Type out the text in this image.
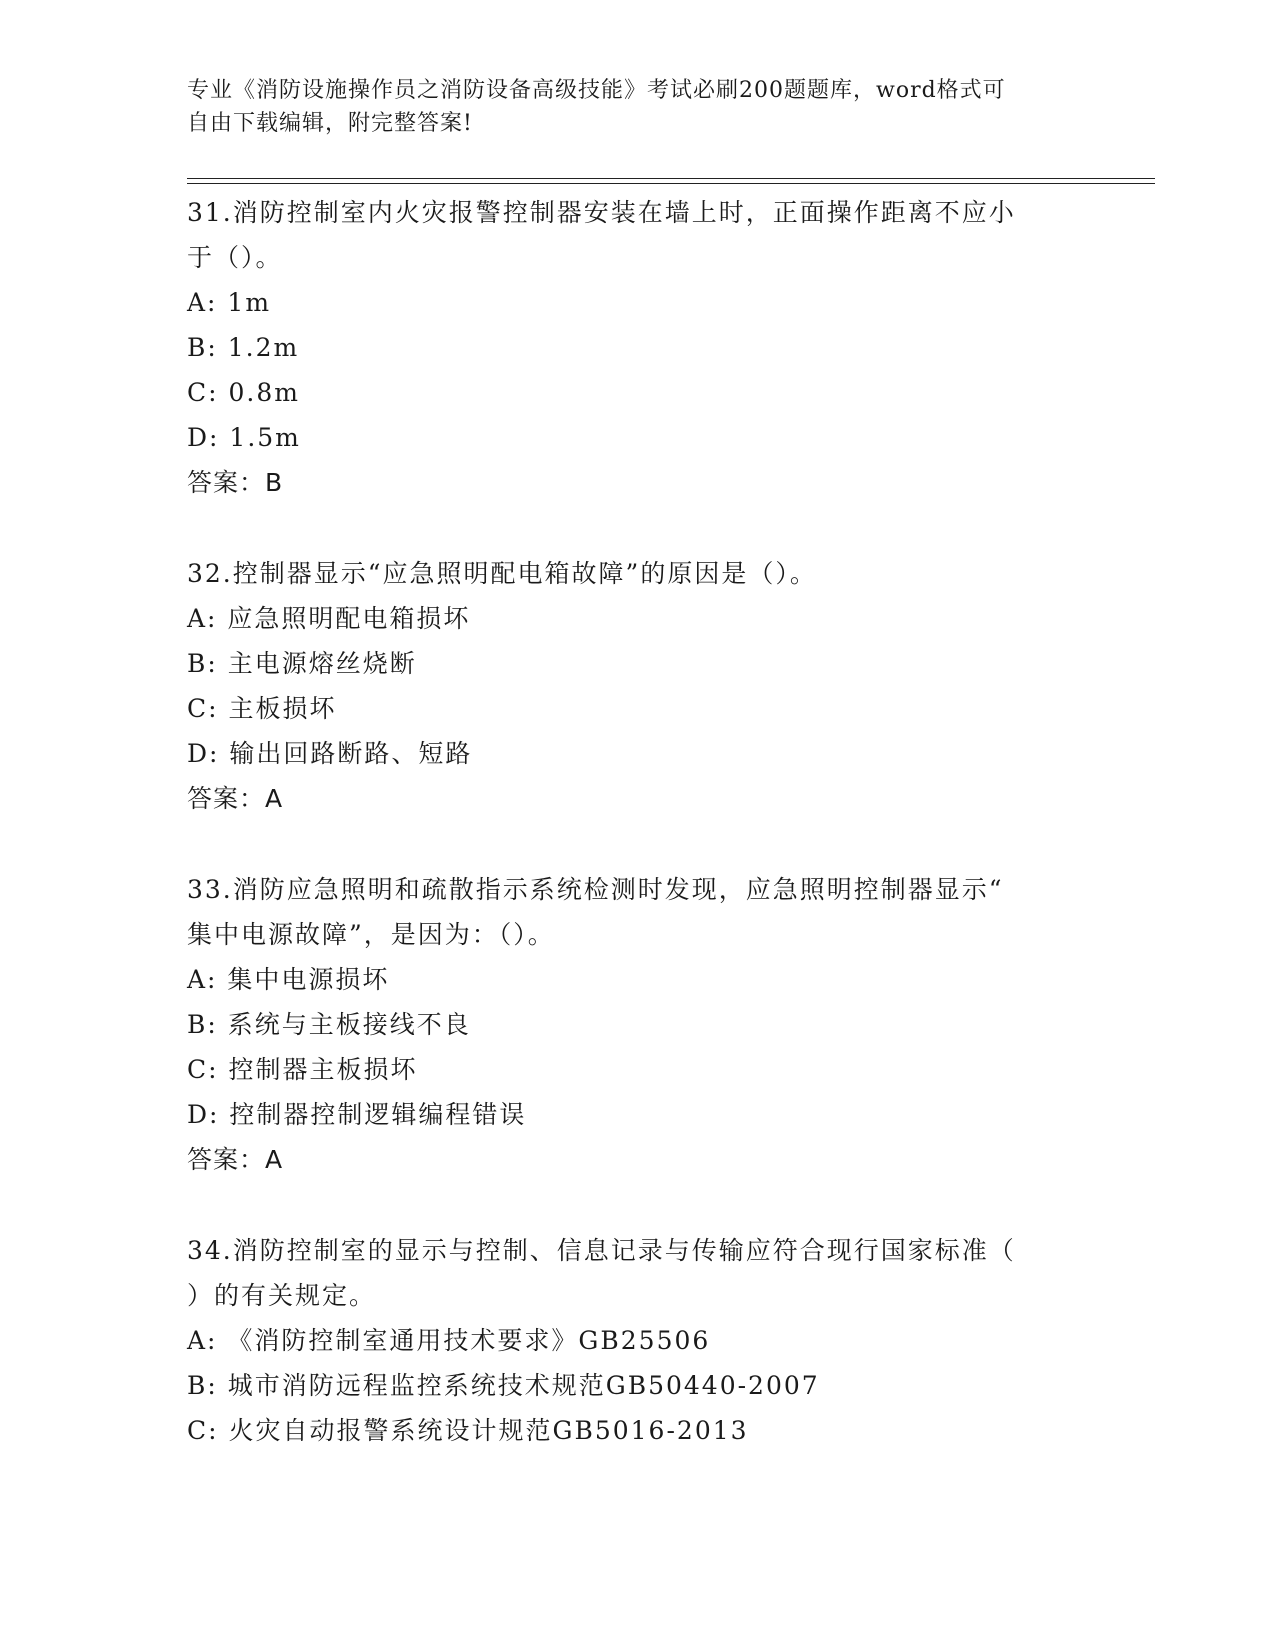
专业《消防设施操作员之消防设备高级技能》考试必刷200题题库，word格式可
自由下载编辑，附完整答案!
31.消防控制室内火灾报警控制器安装在墙上时，正面操作距离不应小
于（）。
A: 1m
B: 1.2m
C: 0.8m
D: 1.5m
答案：B
32.控制器显示“应急照明配电箱故障”的原因是（）。
A: 应急照明配电箱损坏
B: 主电源熔丝烧断
C: 主板损坏
D: 输出回路断路、短路
答案：A
33.消防应急照明和疏散指示系统检测时发现，应急照明控制器显示“
集中电源故障”，是因为：（）。
A: 集中电源损坏
B: 系统与主板接线不良
C: 控制器主板损坏
D: 控制器控制逻辑编程错误
答案：A
34.消防控制室的显示与控制、信息记录与传输应符合现行国家标准（
）的有关规定。
A: 《消防控制室通用技术要求》GB25506
B: 城市消防远程监控系统技术规范GB50440-2007
C: 火灾自动报警系统设计规范GB5016-2013
